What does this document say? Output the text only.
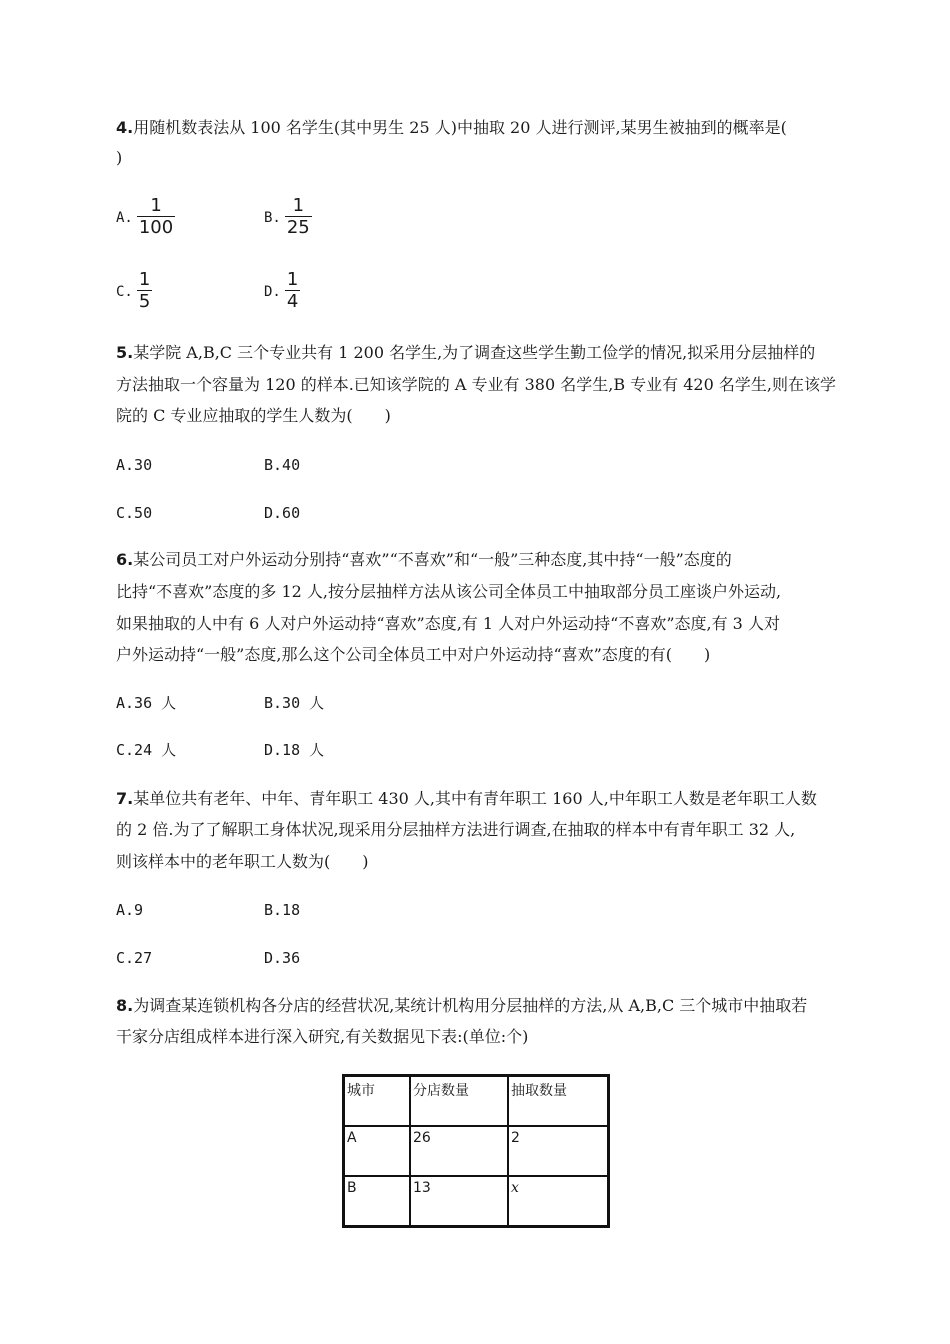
4.用随机数表法从 100 名学生(其中男生 25 人)中抽取 20 人进行测评,某男生被抽到的概率是(
)
A. $\frac{1}{100}$	B. $\frac{1}{25}$
C. $\frac{1}{5}$	D. $\frac{1}{4}$
5.某学院 A,B,C 三个专业共有 1 200 名学生,为了调查这些学生勤工俭学的情况,拟采用分层抽样的
方法抽取一个容量为 120 的样本.已知该学院的 A 专业有 380 名学生,B 专业有 420 名学生,则在该学
院的 C 专业应抽取的学生人数为(　　)
A.30	B.40
C.50	D.60
6.某公司员工对户外运动分别持“喜欢”“不喜欢”和“一般”三种态度,其中持“一般”态度的
比持“不喜欢”态度的多 12 人,按分层抽样方法从该公司全体员工中抽取部分员工座谈户外运动,
如果抽取的人中有 6 人对户外运动持“喜欢”态度,有 1 人对户外运动持“不喜欢”态度,有 3 人对
户外运动持“一般”态度,那么这个公司全体员工中对户外运动持“喜欢”态度的有(　　)
A.36 人	B.30 人
C.24 人	D.18 人
7.某单位共有老年、中年、青年职工 430 人,其中有青年职工 160 人,中年职工人数是老年职工人数
的 2 倍.为了了解职工身体状况,现采用分层抽样方法进行调查,在抽取的样本中有青年职工 32 人,
则该样本中的老年职工人数为(　　)
A.9	B.18
C.27	D.36
8.为调查某连锁机构各分店的经营状况,某统计机构用分层抽样的方法,从 A,B,C 三个城市中抽取若
干家分店组成样本进行深入研究,有关数据见下表:(单位:个)
城市	分店数量	抽取数量
A	26	2
B	13	x
